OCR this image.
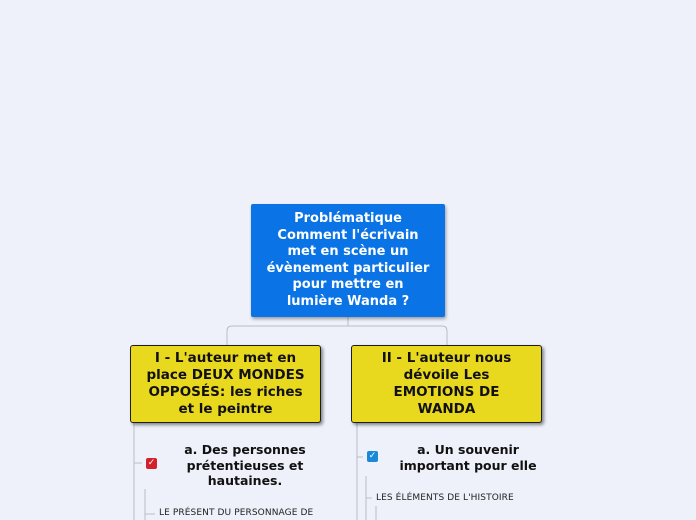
Problématique
Comment l'écrivain
met en scène un
évènement particulier
pour mettre en
lumière Wanda ?
I - L'auteur met en
place DEUX MONDES
OPPOSÉS: les riches
et le peintre
II - L'auteur nous
dévoile Les
EMOTIONS DE
WANDA
✓
a. Des personnes
prétentieuses et
hautaines.
✓	a. Un souvenir
important pour elle
LE PRÉSENT DU PERSONNAGE DE
LES ÉLÉMENTS DE L'HISTOIRE
